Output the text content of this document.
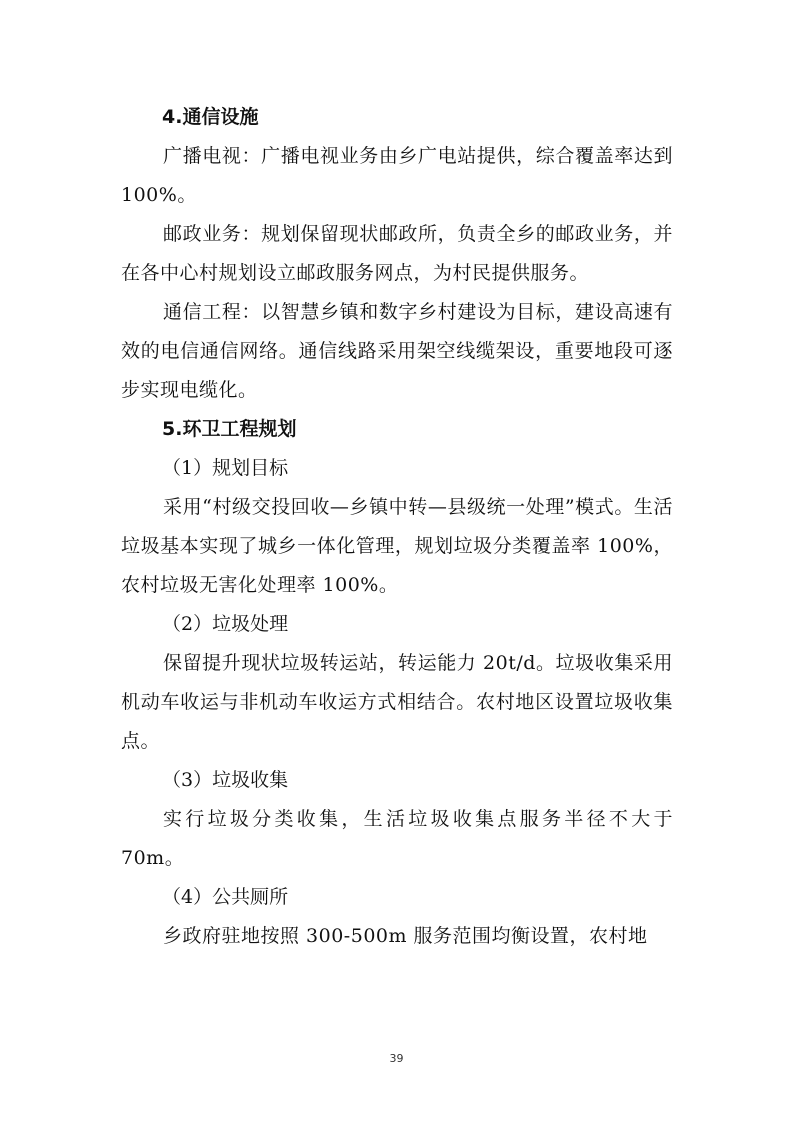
4.通信设施

广播电视：广播电视业务由乡广电站提供，综合覆盖率达到 100%。

邮政业务：规划保留现状邮政所，负责全乡的邮政业务，并在各中心村规划设立邮政服务网点，为村民提供服务。

通信工程：以智慧乡镇和数字乡村建设为目标，建设高速有效的电信通信网络。通信线路采用架空线缆架设，重要地段可逐步实现电缆化。

5.环卫工程规划

（1）规划目标

采用“村级交投回收—乡镇中转—县级统一处理”模式。生活垃圾基本实现了城乡一体化管理，规划垃圾分类覆盖率 100%，农村垃圾无害化处理率 100%。

（2）垃圾处理

保留提升现状垃圾转运站，转运能力 20t/d。垃圾收集采用机动车收运与非机动车收运方式相结合。农村地区设置垃圾收集点。

（3）垃圾收集

实行垃圾分类收集，生活垃圾收集点服务半径不大于 70m。

（4）公共厕所

乡政府驻地按照 300-500m 服务范围均衡设置，农村地

39
